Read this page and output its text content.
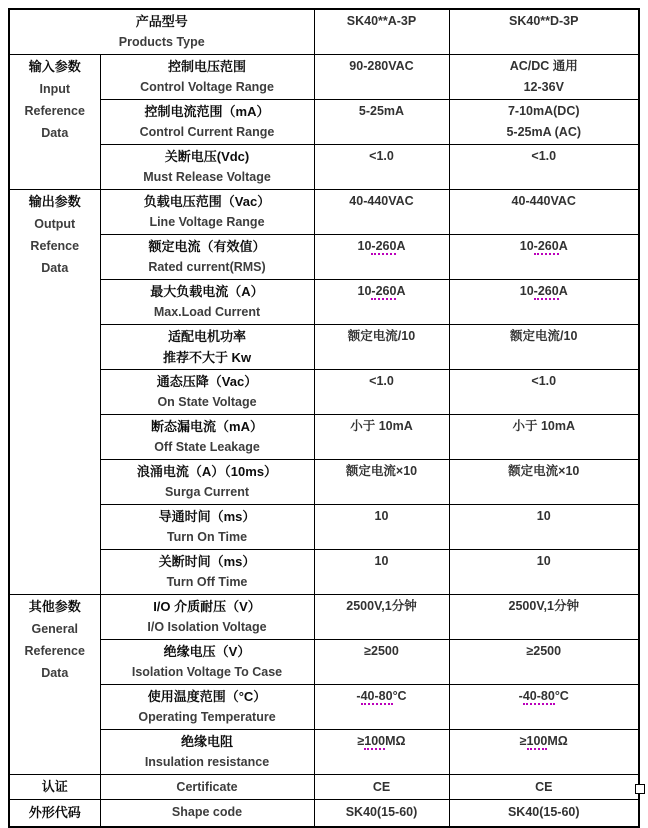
产品型号
Products Type		SK40**A-3P	SK40**D-3P

输入参数
Input
Reference
Data

控制电压范围
Control Voltage Range

90-280VAC	AC/DC 通用
12-36V

控制电流范围（mA）
Control Current Range

5-25mA	7-10mA(DC)
5-25mA (AC)

	关断电压(Vdc)
Must Release Voltage	<1.0	<1.0

输出参数
Output
Refence
Data

负载电压范围（Vac）
Line Voltage Range

40-440VAC	40-440VAC

	额定电流（有效值）
Rated current(RMS)	10-260A	10-260A

	最大负载电流（A）
Max.Load Current	10-260A	10-260A

	适配电机功率
推荐不大于 Kw	额定电流/10	额定电流/10

	通态压降（Vac）
On State Voltage	<1.0	<1.0

	断态漏电流（mA）
Off State Leakage	小于 10mA	小于 10mA

	浪涌电流（A）（10ms）
Surga Current	额定电流×10	额定电流×10

	导通时间（ms）
Turn On Time	10	10

	关断时间（ms）
Turn Off Time	10	10

其他参数
General
Reference
Data

I/O 介质耐压（V）
I/O Isolation Voltage

2500V,1分钟	2500V,1分钟

	绝缘电压（V）
Isolation Voltage To Case	≥2500	≥2500

	使用温度范围（°C）
Operating Temperature	-40-80°C	-40-80°C

	绝缘电阻
Insulation resistance	≥100MΩ	≥100MΩ

认证	Certificate	CE	CE

外形代码	Shape code	SK40(15-60)	SK40(15-60)
